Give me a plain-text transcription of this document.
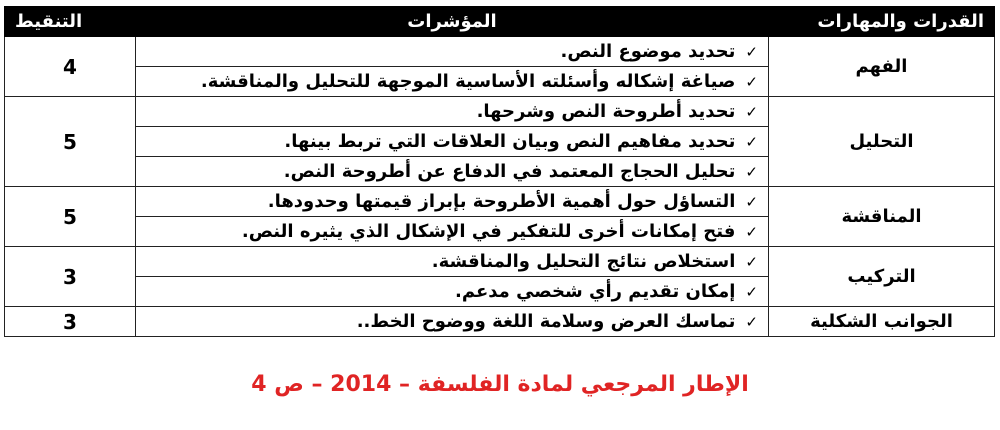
القدرات والمهارات	المؤشرات	التنقيط
الفهم	✓تحديد موضوع النص.	4
	✓صياغة إشكاله وأسئلته الأساسية الموجهة للتحليل والمناقشة.	
التحليل	✓تحديد أطروحة النص وشرحها.	5
	✓تحديد مفاهيم النص وبيان العلاقات التي تربط بينها.	
	✓تحليل الحجاج المعتمد في الدفاع عن أطروحة النص.	
المناقشة	✓التساؤل حول أهمية الأطروحة بإبراز قيمتها وحدودها.	5
	✓فتح إمكانات أخرى للتفكير في الإشكال الذي يثيره النص.	
التركيب	✓استخلاص نتائج التحليل والمناقشة.	3
	✓إمكان تقديم رأي شخصي مدعم.	
الجوانب الشكلية	✓تماسك العرض وسلامة اللغة ووضوح الخط..	3
الإطار المرجعي لمادة الفلسفة – 2014 – ص 4
